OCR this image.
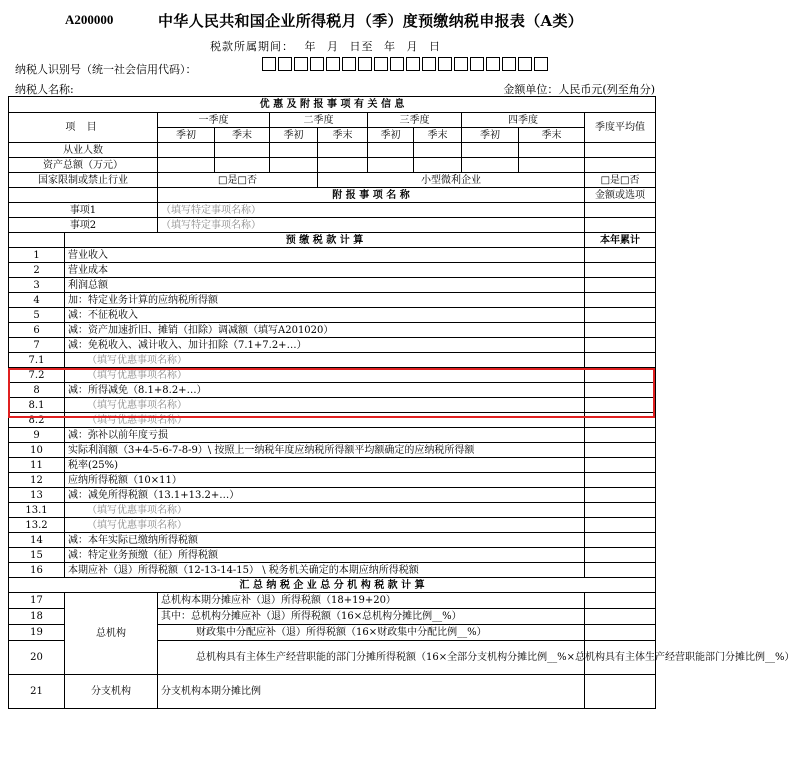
A200000	中华人民共和国企业所得税月（季）度预缴纳税申报表（A类）
税款所属期间： 年 月 日至 年 月 日
纳税人识别号（统一社会信用代码）：
纳税人名称:	金额单位：人民币元(列至角分)
优 惠 及 附 报 事 项 有 关 信 息										
项 目		一季度		二季度		三季度		四季度		季度平均值
		季初	季末	季初	季末	季初	季末	季初	季末	
从业人数										
资产总额（万元）										
国家限制或禁止行业		□是□否			小型微利企业					□是□否
		附 报 事 项 名 称								金额或选项
事项1		（填写特定事项名称）								
事项2		（填写特定事项名称）								
	预 缴 税 款 计 算									本年累计
1	营业收入									
2	营业成本									
3	利润总额									
4	加：特定业务计算的应纳税所得额									
5	减：不征税收入									
6	减：资产加速折旧、摊销（扣除）调减额（填写A201020）									
7	减：免税收入、减计收入、加计扣除（7.1+7.2+…）									
7.1	（填写优惠事项名称）									
7.2	（填写优惠事项名称）									
8	减：所得减免（8.1+8.2+…）									
8.1	（填写优惠事项名称）									
8.2	（填写优惠事项名称）									
9	减：弥补以前年度亏损									
10	实际利润额（3+4-5-6-7-8-9）\ 按照上一纳税年度应纳税所得额平均额确定的应纳税所得额									
11	税率(25%)									
12	应纳所得税额（10×11）									
13	减：减免所得税额（13.1+13.2+…）									
13.1	（填写优惠事项名称）									
13.2	（填写优惠事项名称）									
14	减：本年实际已缴纳所得税额									
15	减：特定业务预缴（征）所得税额									
16	本期应补（退）所得税额（12-13-14-15） \ 税务机关确定的本期应纳所得税额									
汇 总 纳 税 企 业 总 分 机 构 税 款 计 算										
17	总机构	总机构本期分摊应补（退）所得税额（18+19+20）								
18		其中：总机构分摊应补（退）所得税额（16×总机构分摊比例__%）								
19		财政集中分配应补（退）所得税额（16×财政集中分配比例__%）								
20		总机构具有主体生产经营职能的部门分摊所得税额（16×全部分支机构分摊比例__%×总机构具有主体生产经营职能部门分摊比例__%）								
21	分支机构	分支机构本期分摊比例								
